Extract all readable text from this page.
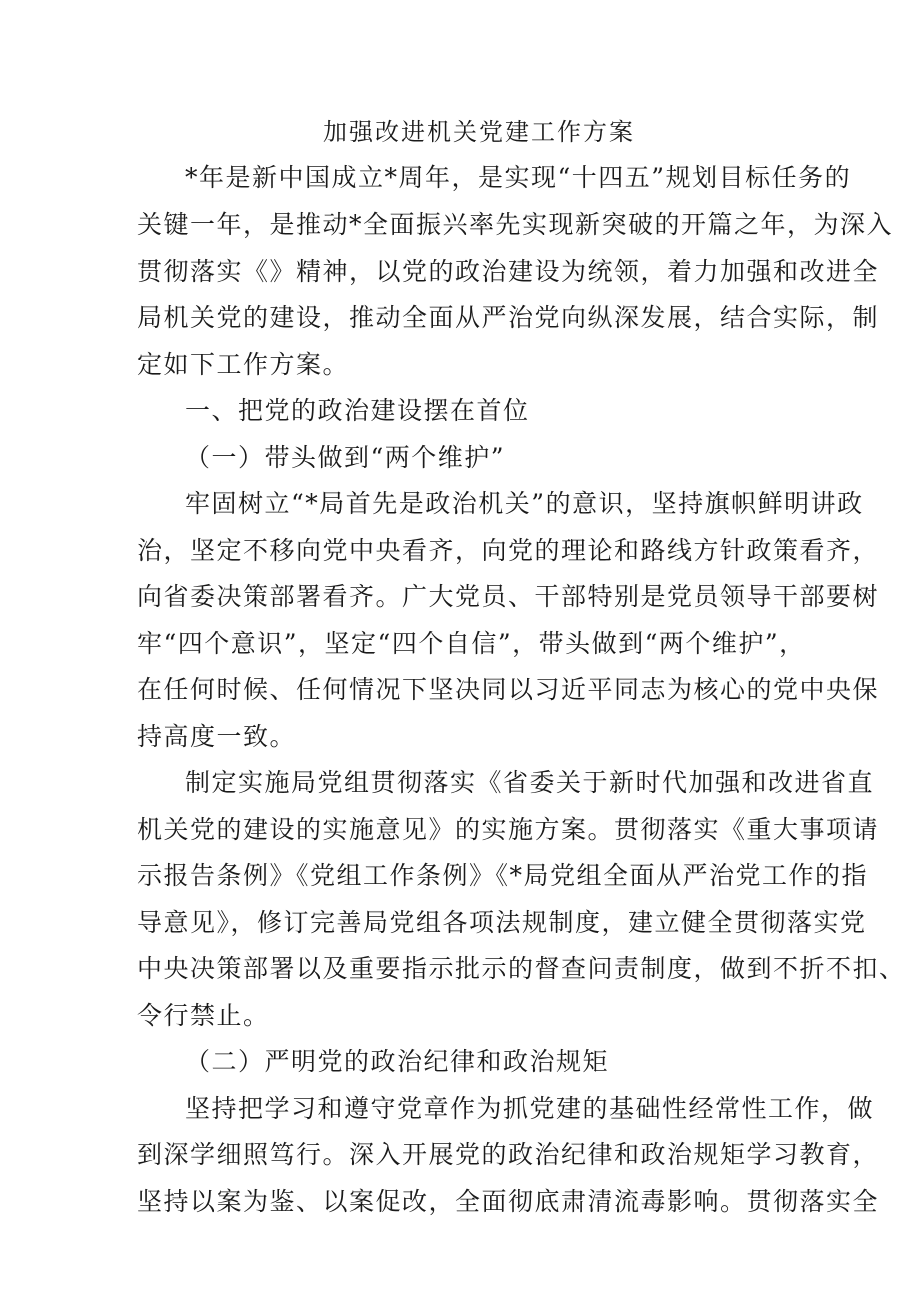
加强改进机关党建工作方案
*年是新中国成立*周年，是实现“十四五”规划目标任务的
关键一年，是推动*全面振兴率先实现新突破的开篇之年，为深入
贯彻落实《》精神，以党的政治建设为统领，着力加强和改进全
局机关党的建设，推动全面从严治党向纵深发展，结合实际，制
定如下工作方案。
一、把党的政治建设摆在首位
（一）带头做到“两个维护”
牢固树立“*局首先是政治机关”的意识，坚持旗帜鲜明讲政
治，坚定不移向党中央看齐，向党的理论和路线方针政策看齐，
向省委决策部署看齐。广大党员、干部特别是党员领导干部要树
牢“四个意识”，坚定“四个自信”，带头做到“两个维护”，
在任何时候、任何情况下坚决同以习近平同志为核心的党中央保
持高度一致。
制定实施局党组贯彻落实《省委关于新时代加强和改进省直
机关党的建设的实施意见》的实施方案。贯彻落实《重大事项请
示报告条例》《党组工作条例》《*局党组全面从严治党工作的指
导意见》，修订完善局党组各项法规制度，建立健全贯彻落实党
中央决策部署以及重要指示批示的督查问责制度，做到不折不扣、
令行禁止。
（二）严明党的政治纪律和政治规矩
坚持把学习和遵守党章作为抓党建的基础性经常性工作，做
到深学细照笃行。深入开展党的政治纪律和政治规矩学习教育，
坚持以案为鉴、以案促改，全面彻底肃清流毒影响。贯彻落实全
